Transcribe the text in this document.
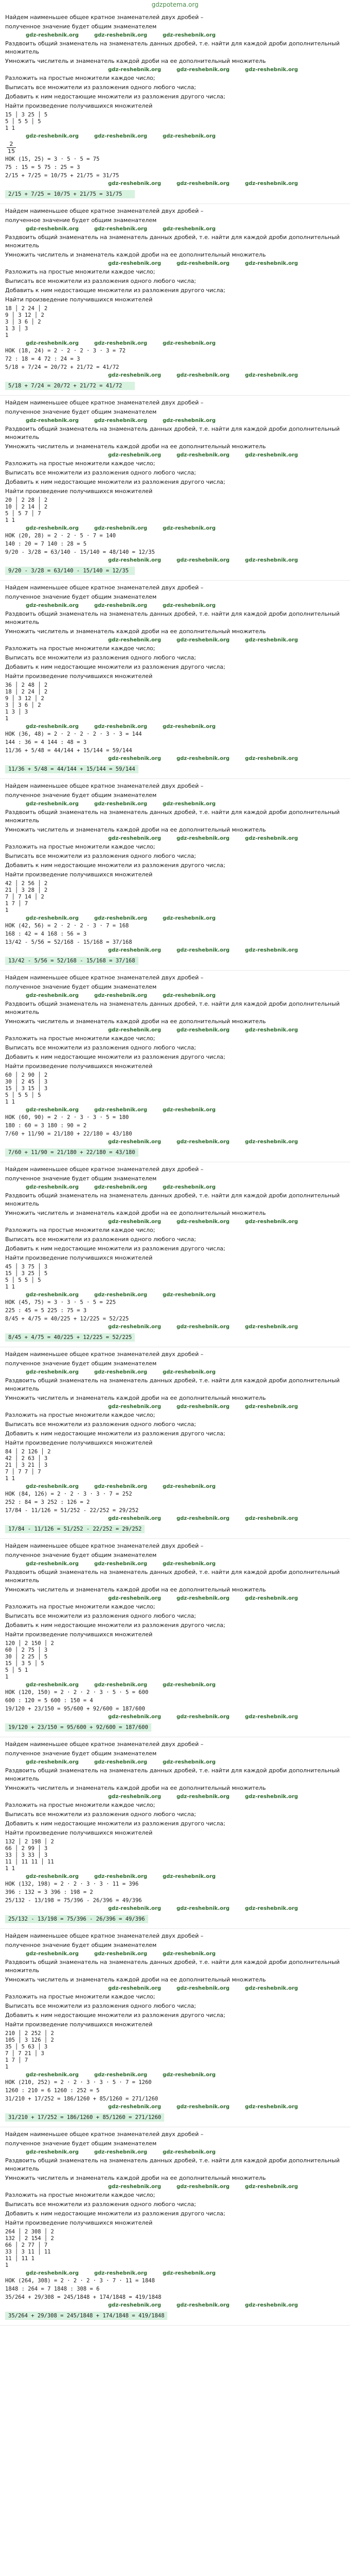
gdzpotema.org
Найдем наименьшее общее кратное знаменателей двух дробей –
полученное значение будет общим знаменателем
gdz-reshebnik.org	gdz-reshebnik.org	gdz-reshebnik.org
Раздвоить общий знаменатель на знаменатель данных дробей, т.е. найти для каждой дроби дополнительный множитель
Умножить числитель и знаменатель каждой дроби на ее дополнительный множитель
gdz-reshebnik.org	gdz-reshebnik.org	gdz-reshebnik.org
Разложить на простые множители каждое число;
Выписать все множители из разложения одного любого числа;
Добавить к ним недостающие множители из разложения другого числа;
Найти произведение получившихся множителей
15 │ 3 25 │ 5
5 │ 5 5 │ 5
1 1
gdz-reshebnik.org	gdz-reshebnik.org	gdz-reshebnik.org
$\frac{2}{15}$
НОК (15, 25) = 3 · 5 · 5 = 75
75 : 15 = 5 75 : 25 = 3
2/15 + 7/25 = 10/75 + 21/75 = 31/75
gdz-reshebnik.org	gdz-reshebnik.org	gdz-reshebnik.org
2/15 + 7/25 = 10/75 + 21/75 = 31/75
Найдем наименьшее общее кратное знаменателей двух дробей –
полученное значение будет общим знаменателем
gdz-reshebnik.org	gdz-reshebnik.org	gdz-reshebnik.org
Раздвоить общий знаменатель на знаменатель данных дробей, т.е. найти для каждой дроби дополнительный множитель
Умножить числитель и знаменатель каждой дроби на ее дополнительный множитель
gdz-reshebnik.org	gdz-reshebnik.org	gdz-reshebnik.org
Разложить на простые множители каждое число;
Выписать все множители из разложения одного любого числа;
Добавить к ним недостающие множители из разложения другого числа;
Найти произведение получившихся множителей
18 │ 2 24 │ 2
9 │ 3 12 │ 2
3 │ 3 6 │ 2
1 3 │ 3
1
gdz-reshebnik.org	gdz-reshebnik.org	gdz-reshebnik.org
НОК (18, 24) = 2 · 2 · 2 · 3 · 3 = 72
72 : 18 = 4 72 : 24 = 3
5/18 + 7/24 = 20/72 + 21/72 = 41/72
gdz-reshebnik.org	gdz-reshebnik.org	gdz-reshebnik.org
5/18 + 7/24 = 20/72 + 21/72 = 41/72
Найдем наименьшее общее кратное знаменателей двух дробей –
полученное значение будет общим знаменателем
gdz-reshebnik.org	gdz-reshebnik.org	gdz-reshebnik.org
Раздвоить общий знаменатель на знаменатель данных дробей, т.е. найти для каждой дроби дополнительный множитель
Умножить числитель и знаменатель каждой дроби на ее дополнительный множитель
gdz-reshebnik.org	gdz-reshebnik.org	gdz-reshebnik.org
Разложить на простые множители каждое число;
Выписать все множители из разложения одного любого числа;
Добавить к ним недостающие множители из разложения другого числа;
Найти произведение получившихся множителей
20 │ 2 28 │ 2
10 │ 2 14 │ 2
5 │ 5 7 │ 7
1 1
gdz-reshebnik.org	gdz-reshebnik.org	gdz-reshebnik.org
НОК (20, 28) = 2 · 2 · 5 · 7 = 140
140 : 20 = 7 140 : 28 = 5
9/20 - 3/28 = 63/140 - 15/140 = 48/140 = 12/35
gdz-reshebnik.org	gdz-reshebnik.org	gdz-reshebnik.org
9/20 - 3/28 = 63/140 - 15/140 = 12/35
Найдем наименьшее общее кратное знаменателей двух дробей –
полученное значение будет общим знаменателем
gdz-reshebnik.org	gdz-reshebnik.org	gdz-reshebnik.org
Раздвоить общий знаменатель на знаменатель данных дробей, т.е. найти для каждой дроби дополнительный множитель
Умножить числитель и знаменатель каждой дроби на ее дополнительный множитель
gdz-reshebnik.org	gdz-reshebnik.org	gdz-reshebnik.org
Разложить на простые множители каждое число;
Выписать все множители из разложения одного любого числа;
Добавить к ним недостающие множители из разложения другого числа;
Найти произведение получившихся множителей
36 │ 2 48 │ 2
18 │ 2 24 │ 2
9 │ 3 12 │ 2
3 │ 3 6 │ 2
1 3 │ 3
1
gdz-reshebnik.org	gdz-reshebnik.org	gdz-reshebnik.org
НОК (36, 48) = 2 · 2 · 2 · 2 · 3 · 3 = 144
144 : 36 = 4 144 : 48 = 3
11/36 + 5/48 = 44/144 + 15/144 = 59/144
gdz-reshebnik.org	gdz-reshebnik.org	gdz-reshebnik.org
11/36 + 5/48 = 44/144 + 15/144 = 59/144
Найдем наименьшее общее кратное знаменателей двух дробей –
полученное значение будет общим знаменателем
gdz-reshebnik.org	gdz-reshebnik.org	gdz-reshebnik.org
Раздвоить общий знаменатель на знаменатель данных дробей, т.е. найти для каждой дроби дополнительный множитель
Умножить числитель и знаменатель каждой дроби на ее дополнительный множитель
gdz-reshebnik.org	gdz-reshebnik.org	gdz-reshebnik.org
Разложить на простые множители каждое число;
Выписать все множители из разложения одного любого числа;
Добавить к ним недостающие множители из разложения другого числа;
Найти произведение получившихся множителей
42 │ 2 56 │ 2
21 │ 3 28 │ 2
7 │ 7 14 │ 2
1 7 │ 7
1
gdz-reshebnik.org	gdz-reshebnik.org	gdz-reshebnik.org
НОК (42, 56) = 2 · 2 · 2 · 3 · 7 = 168
168 : 42 = 4 168 : 56 = 3
13/42 - 5/56 = 52/168 - 15/168 = 37/168
gdz-reshebnik.org	gdz-reshebnik.org	gdz-reshebnik.org
13/42 - 5/56 = 52/168 - 15/168 = 37/168
Найдем наименьшее общее кратное знаменателей двух дробей –
полученное значение будет общим знаменателем
gdz-reshebnik.org	gdz-reshebnik.org	gdz-reshebnik.org
Раздвоить общий знаменатель на знаменатель данных дробей, т.е. найти для каждой дроби дополнительный множитель
Умножить числитель и знаменатель каждой дроби на ее дополнительный множитель
gdz-reshebnik.org	gdz-reshebnik.org	gdz-reshebnik.org
Разложить на простые множители каждое число;
Выписать все множители из разложения одного любого числа;
Добавить к ним недостающие множители из разложения другого числа;
Найти произведение получившихся множителей
60 │ 2 90 │ 2
30 │ 2 45 │ 3
15 │ 3 15 │ 3
5 │ 5 5 │ 5
1 1
gdz-reshebnik.org	gdz-reshebnik.org	gdz-reshebnik.org
НОК (60, 90) = 2 · 2 · 3 · 3 · 5 = 180
180 : 60 = 3 180 : 90 = 2
7/60 + 11/90 = 21/180 + 22/180 = 43/180
gdz-reshebnik.org	gdz-reshebnik.org	gdz-reshebnik.org
7/60 + 11/90 = 21/180 + 22/180 = 43/180
Найдем наименьшее общее кратное знаменателей двух дробей –
полученное значение будет общим знаменателем
gdz-reshebnik.org	gdz-reshebnik.org	gdz-reshebnik.org
Раздвоить общий знаменатель на знаменатель данных дробей, т.е. найти для каждой дроби дополнительный множитель
Умножить числитель и знаменатель каждой дроби на ее дополнительный множитель
gdz-reshebnik.org	gdz-reshebnik.org	gdz-reshebnik.org
Разложить на простые множители каждое число;
Выписать все множители из разложения одного любого числа;
Добавить к ним недостающие множители из разложения другого числа;
Найти произведение получившихся множителей
45 │ 3 75 │ 3
15 │ 3 25 │ 5
5 │ 5 5 │ 5
1 1
gdz-reshebnik.org	gdz-reshebnik.org	gdz-reshebnik.org
НОК (45, 75) = 3 · 3 · 5 · 5 = 225
225 : 45 = 5 225 : 75 = 3
8/45 + 4/75 = 40/225 + 12/225 = 52/225
gdz-reshebnik.org	gdz-reshebnik.org	gdz-reshebnik.org
8/45 + 4/75 = 40/225 + 12/225 = 52/225
Найдем наименьшее общее кратное знаменателей двух дробей –
полученное значение будет общим знаменателем
gdz-reshebnik.org	gdz-reshebnik.org	gdz-reshebnik.org
Раздвоить общий знаменатель на знаменатель данных дробей, т.е. найти для каждой дроби дополнительный множитель
Умножить числитель и знаменатель каждой дроби на ее дополнительный множитель
gdz-reshebnik.org	gdz-reshebnik.org	gdz-reshebnik.org
Разложить на простые множители каждое число;
Выписать все множители из разложения одного любого числа;
Добавить к ним недостающие множители из разложения другого числа;
Найти произведение получившихся множителей
84 │ 2 126 │ 2
42 │ 2 63 │ 3
21 │ 3 21 │ 3
7 │ 7 7 │ 7
1 1
gdz-reshebnik.org	gdz-reshebnik.org	gdz-reshebnik.org
НОК (84, 126) = 2 · 2 · 3 · 3 · 7 = 252
252 : 84 = 3 252 : 126 = 2
17/84 - 11/126 = 51/252 - 22/252 = 29/252
gdz-reshebnik.org	gdz-reshebnik.org	gdz-reshebnik.org
17/84 - 11/126 = 51/252 - 22/252 = 29/252
Найдем наименьшее общее кратное знаменателей двух дробей –
полученное значение будет общим знаменателем
gdz-reshebnik.org	gdz-reshebnik.org	gdz-reshebnik.org
Раздвоить общий знаменатель на знаменатель данных дробей, т.е. найти для каждой дроби дополнительный множитель
Умножить числитель и знаменатель каждой дроби на ее дополнительный множитель
gdz-reshebnik.org	gdz-reshebnik.org	gdz-reshebnik.org
Разложить на простые множители каждое число;
Выписать все множители из разложения одного любого числа;
Добавить к ним недостающие множители из разложения другого числа;
Найти произведение получившихся множителей
120 │ 2 150 │ 2
60 │ 2 75 │ 3
30 │ 2 25 │ 5
15 │ 3 5 │ 5
5 │ 5 1
1
gdz-reshebnik.org	gdz-reshebnik.org	gdz-reshebnik.org
НОК (120, 150) = 2 · 2 · 2 · 3 · 5 · 5 = 600
600 : 120 = 5 600 : 150 = 4
19/120 + 23/150 = 95/600 + 92/600 = 187/600
gdz-reshebnik.org	gdz-reshebnik.org	gdz-reshebnik.org
19/120 + 23/150 = 95/600 + 92/600 = 187/600
Найдем наименьшее общее кратное знаменателей двух дробей –
полученное значение будет общим знаменателем
gdz-reshebnik.org	gdz-reshebnik.org	gdz-reshebnik.org
Раздвоить общий знаменатель на знаменатель данных дробей, т.е. найти для каждой дроби дополнительный множитель
Умножить числитель и знаменатель каждой дроби на ее дополнительный множитель
gdz-reshebnik.org	gdz-reshebnik.org	gdz-reshebnik.org
Разложить на простые множители каждое число;
Выписать все множители из разложения одного любого числа;
Добавить к ним недостающие множители из разложения другого числа;
Найти произведение получившихся множителей
132 │ 2 198 │ 2
66 │ 2 99 │ 3
33 │ 3 33 │ 3
11 │ 11 11 │ 11
1 1
gdz-reshebnik.org	gdz-reshebnik.org	gdz-reshebnik.org
НОК (132, 198) = 2 · 2 · 3 · 3 · 11 = 396
396 : 132 = 3 396 : 198 = 2
25/132 - 13/198 = 75/396 - 26/396 = 49/396
gdz-reshebnik.org	gdz-reshebnik.org	gdz-reshebnik.org
25/132 - 13/198 = 75/396 - 26/396 = 49/396
Найдем наименьшее общее кратное знаменателей двух дробей –
полученное значение будет общим знаменателем
gdz-reshebnik.org	gdz-reshebnik.org	gdz-reshebnik.org
Раздвоить общий знаменатель на знаменатель данных дробей, т.е. найти для каждой дроби дополнительный множитель
Умножить числитель и знаменатель каждой дроби на ее дополнительный множитель
gdz-reshebnik.org	gdz-reshebnik.org	gdz-reshebnik.org
Разложить на простые множители каждое число;
Выписать все множители из разложения одного любого числа;
Добавить к ним недостающие множители из разложения другого числа;
Найти произведение получившихся множителей
210 │ 2 252 │ 2
105 │ 3 126 │ 2
35 │ 5 63 │ 3
7 │ 7 21 │ 3
1 7 │ 7
1
gdz-reshebnik.org	gdz-reshebnik.org	gdz-reshebnik.org
НОК (210, 252) = 2 · 2 · 3 · 3 · 5 · 7 = 1260
1260 : 210 = 6 1260 : 252 = 5
31/210 + 17/252 = 186/1260 + 85/1260 = 271/1260
gdz-reshebnik.org	gdz-reshebnik.org	gdz-reshebnik.org
31/210 + 17/252 = 186/1260 + 85/1260 = 271/1260
Найдем наименьшее общее кратное знаменателей двух дробей –
полученное значение будет общим знаменателем
gdz-reshebnik.org	gdz-reshebnik.org	gdz-reshebnik.org
Раздвоить общий знаменатель на знаменатель данных дробей, т.е. найти для каждой дроби дополнительный множитель
Умножить числитель и знаменатель каждой дроби на ее дополнительный множитель
gdz-reshebnik.org	gdz-reshebnik.org	gdz-reshebnik.org
Разложить на простые множители каждое число;
Выписать все множители из разложения одного любого числа;
Добавить к ним недостающие множители из разложения другого числа;
Найти произведение получившихся множителей
264 │ 2 308 │ 2
132 │ 2 154 │ 2
66 │ 2 77 │ 7
33 │ 3 11 │ 11
11 │ 11 1
1
gdz-reshebnik.org	gdz-reshebnik.org	gdz-reshebnik.org
НОК (264, 308) = 2 · 2 · 2 · 3 · 7 · 11 = 1848
1848 : 264 = 7 1848 : 308 = 6
35/264 + 29/308 = 245/1848 + 174/1848 = 419/1848
gdz-reshebnik.org	gdz-reshebnik.org	gdz-reshebnik.org
35/264 + 29/308 = 245/1848 + 174/1848 = 419/1848
